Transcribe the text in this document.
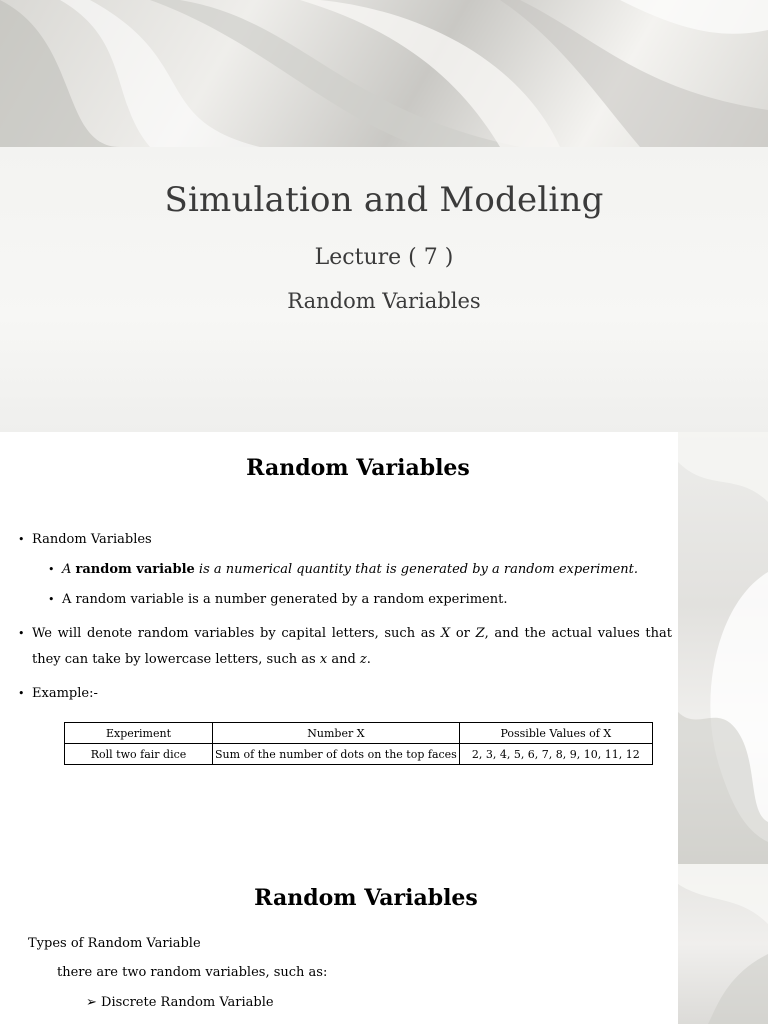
Simulation and Modeling
Lecture ( 7 )
Random Variables
Random Variables
• Random Variables
• A random variable is a numerical quantity that is generated by a random experiment.
• A random variable is a number generated by a random experiment.
• We will denote random variables by capital letters, such as X or Z, and the actual values that they can take by lowercase letters, such as x and z.
• Example:-
Experiment	Number X	Possible Values of X
Roll two fair dice	Sum of the number of dots on the top faces	2, 3, 4, 5, 6, 7, 8, 9, 10, 11, 12
Random Variables
Types of Random Variable
there are two random variables, such as:
➢ Discrete Random Variable
